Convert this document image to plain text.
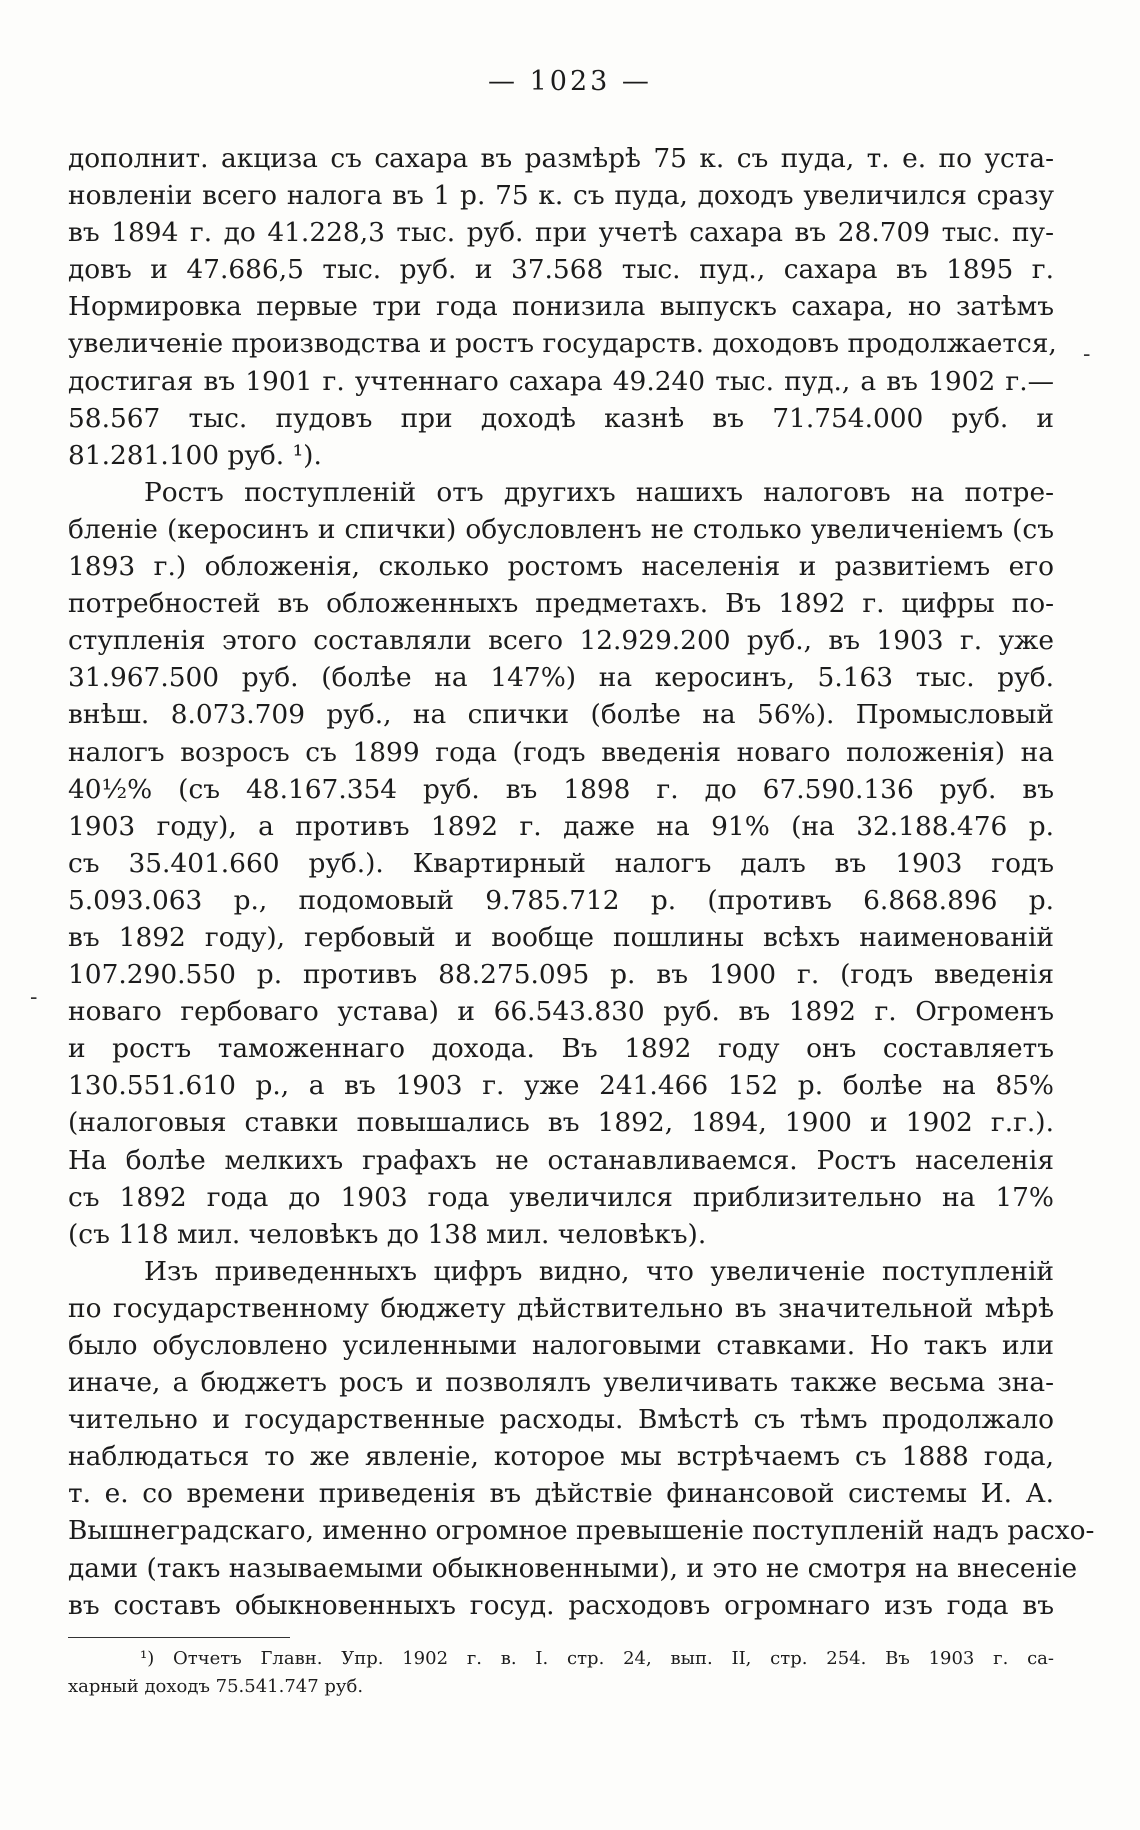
— 1023 —
дополнит. акциза съ сахара въ размѣрѣ 75 к. съ пуда, т. е. по уста-
новленіи всего налога въ 1 р. 75 к. съ пуда, доходъ увеличился сразу
въ 1894 г. до 41.228,3 тыс. руб. при учетѣ сахара въ 28.709 тыс. пу-
довъ и 47.686,5 тыс. руб. и 37.568 тыс. пуд., сахара въ 1895 г.
Нормировка первые три года понизила выпускъ сахара, но затѣмъ
увеличеніе производства и ростъ государств. доходовъ продолжается,
достигая въ 1901 г. учтеннаго сахара 49.240 тыс. пуд., а въ 1902 г.—
58.567 тыс. пудовъ при доходѣ казнѣ въ 71.754.000 руб. и
81.281.100 руб. ¹).
Ростъ поступленій отъ другихъ нашихъ налоговъ на потре-
бленіе (керосинъ и спички) обусловленъ не столько увеличеніемъ (съ
1893 г.) обложенія, сколько ростомъ населенія и развитіемъ его
потребностей въ обложенныхъ предметахъ. Въ 1892 г. цифры по-
ступленія этого составляли всего 12.929.200 руб., въ 1903 г. уже
31.967.500 руб. (болѣе на 147%) на керосинъ, 5.163 тыс. руб.
внѣш. 8.073.709 руб., на спички (болѣе на 56%). Промысловый
налогъ возросъ съ 1899 года (годъ введенія новаго положенія) на
40½% (съ 48.167.354 руб. въ 1898 г. до 67.590.136 руб. въ
1903 году), а противъ 1892 г. даже на 91% (на 32.188.476 р.
съ 35.401.660 руб.). Квартирный налогъ далъ въ 1903 годъ
5.093.063 р., подомовый 9.785.712 р. (противъ 6.868.896 р.
въ 1892 году), гербовый и вообще пошлины всѣхъ наименованій
107.290.550 р. противъ 88.275.095 р. въ 1900 г. (годъ введенія
новаго гербоваго устава) и 66.543.830 руб. въ 1892 г. Огроменъ
и ростъ таможеннаго дохода. Въ 1892 году онъ составляетъ
130.551.610 р., а въ 1903 г. уже 241.466 152 р. болѣе на 85%
(налоговыя ставки повышались въ 1892, 1894, 1900 и 1902 г.г.).
На болѣе мелкихъ графахъ не останавливаемся. Ростъ населенія
съ 1892 года до 1903 года увеличился приблизительно на 17%
(съ 118 мил. человѣкъ до 138 мил. человѣкъ).
Изъ приведенныхъ цифръ видно, что увеличеніе поступленій
по государственному бюджету дѣйствительно въ значительной мѣрѣ
было обусловлено усиленными налоговыми ставками. Но такъ или
иначе, а бюджетъ росъ и позволялъ увеличивать также весьма зна-
чительно и государственные расходы. Вмѣстѣ съ тѣмъ продолжало
наблюдаться то же явленіе, которое мы встрѣчаемъ съ 1888 года,
т. е. со времени приведенія въ дѣйствіе финансовой системы И. А.
Вышнеградскаго, именно огромное превышеніе поступленій надъ расхо-
дами (такъ называемыми обыкновенными), и это не смотря на внесеніе
въ составъ обыкновенныхъ госуд. расходовъ огромнаго изъ года въ
¹) Отчетъ Главн. Упр. 1902 г. в. I. стр. 24, вып. II, стр. 254. Въ 1903 г. са-
харный доходъ 75.541.747 руб.
-
-
